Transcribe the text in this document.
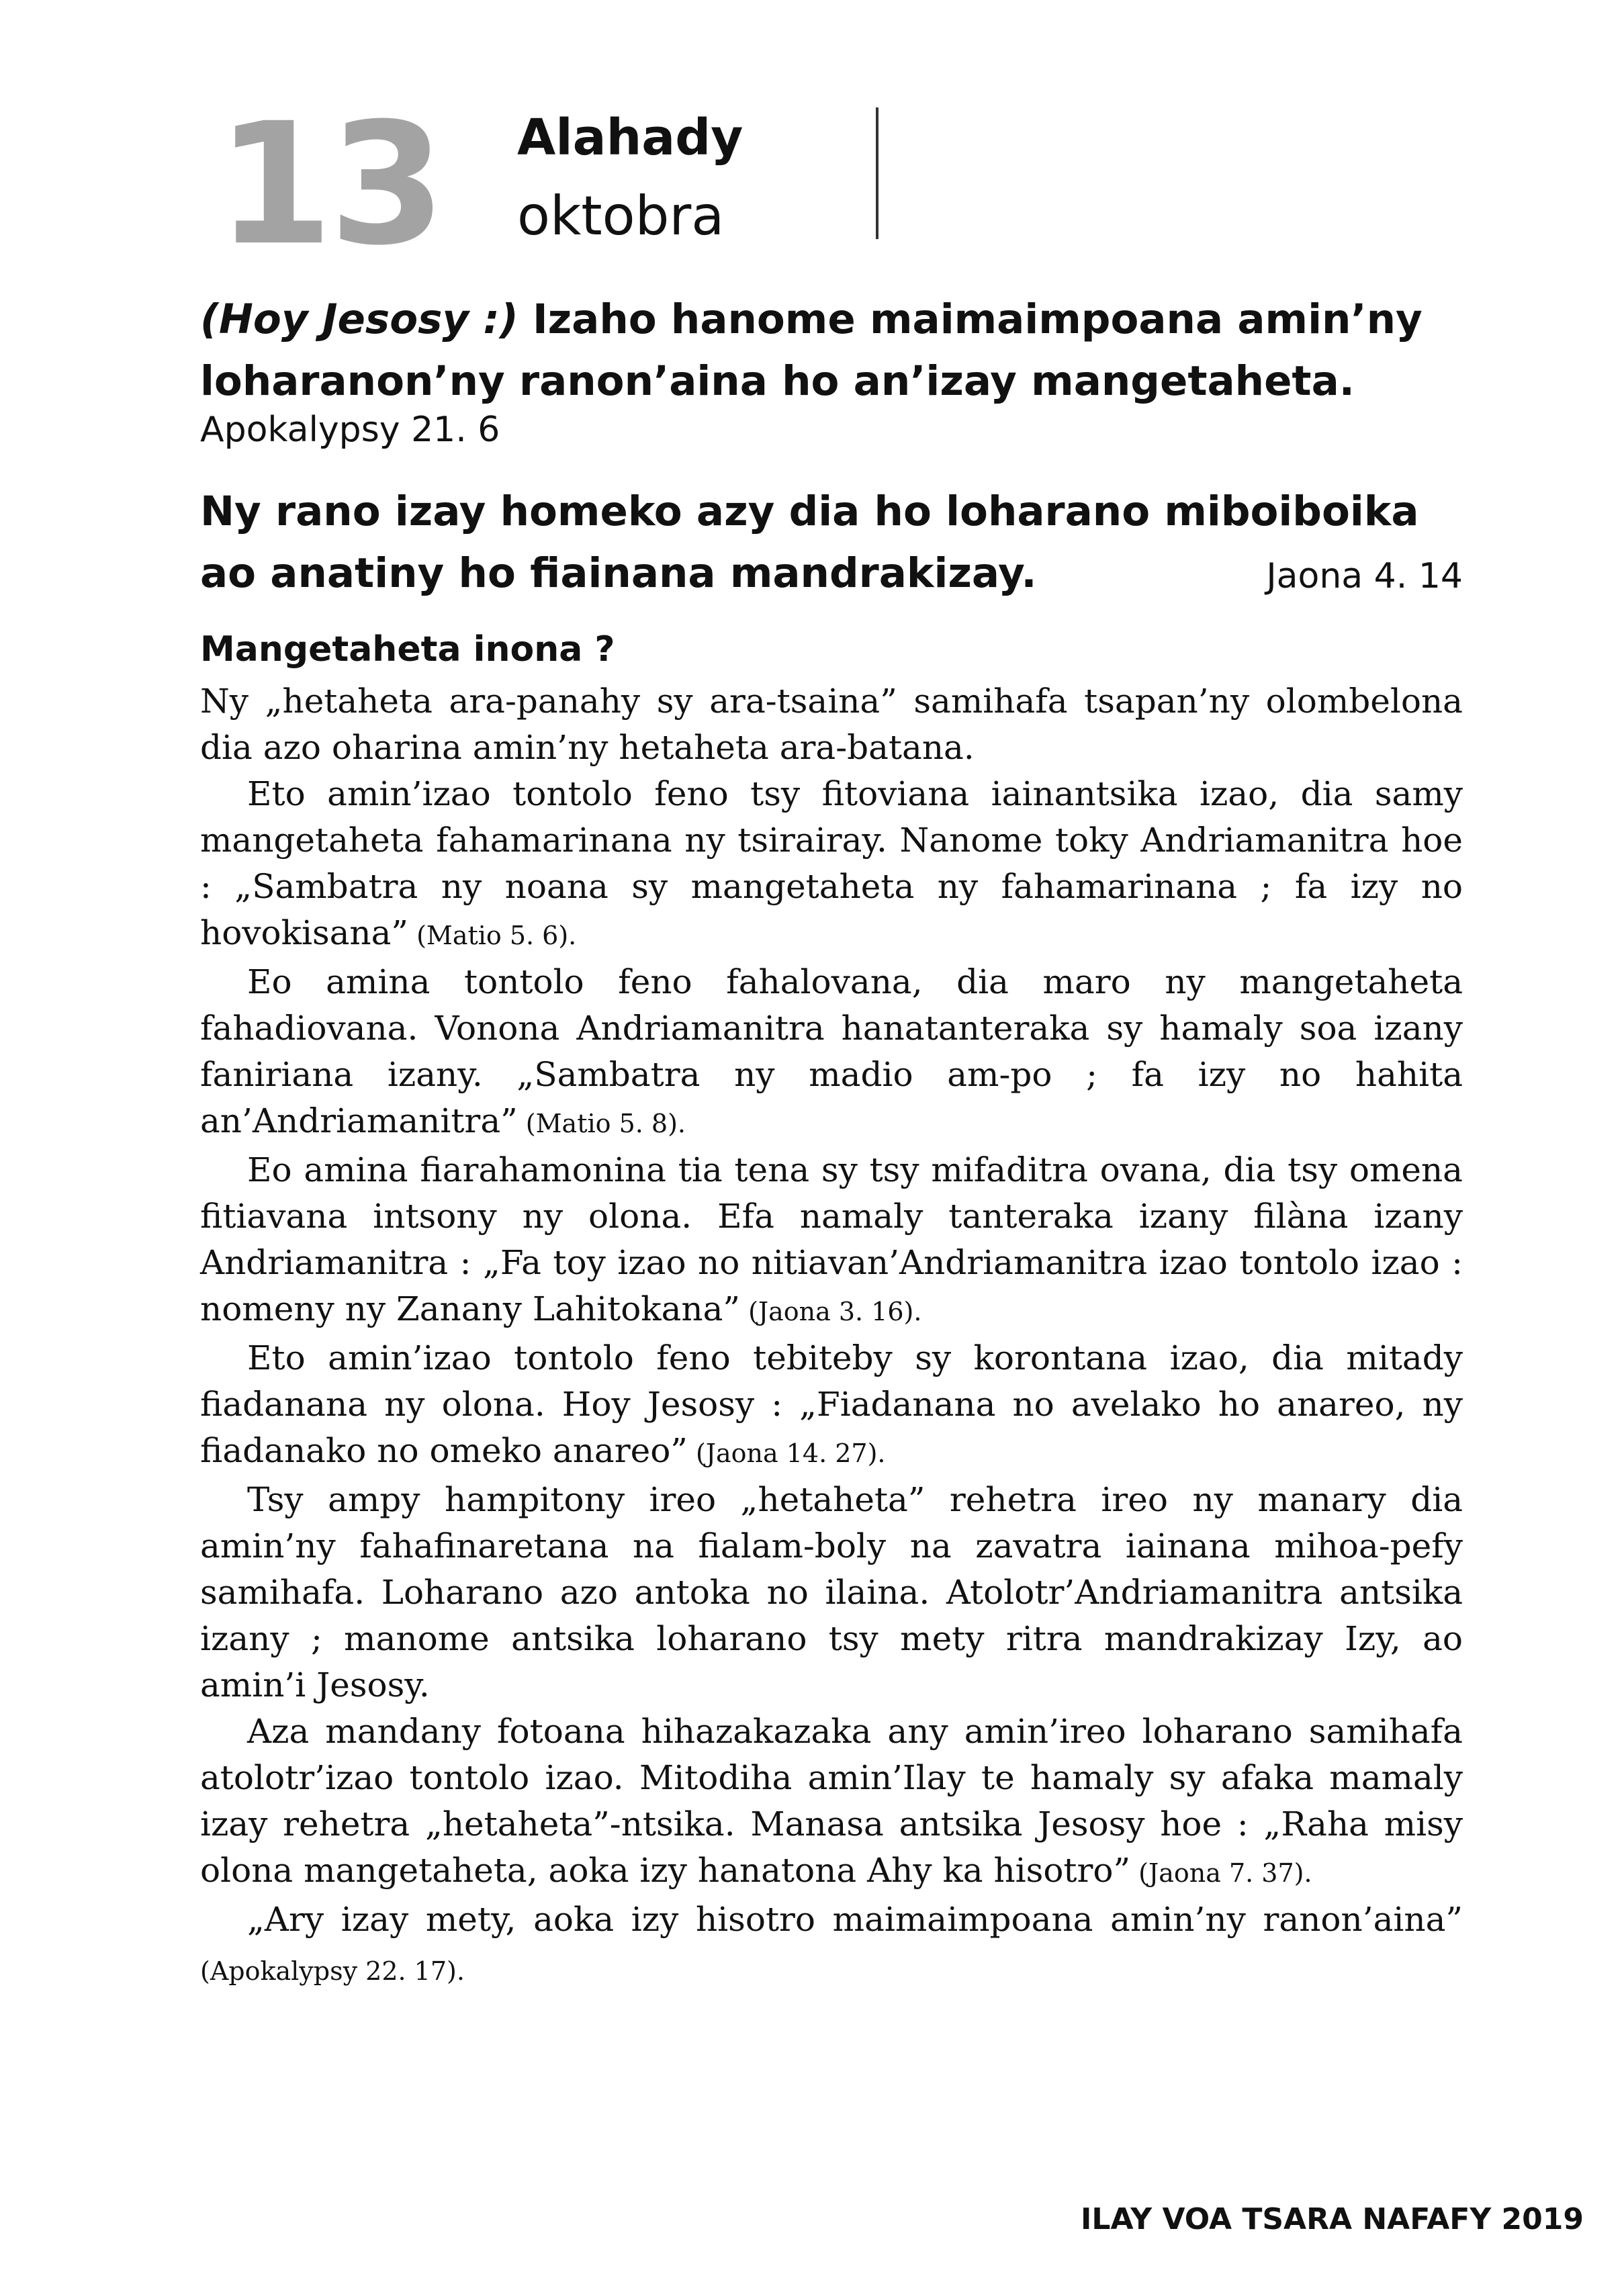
13 Alahady
oktobra
(Hoy Jesosy :) Izaho hanome maimaimpoana amin’ny loharanon’ny ranon’aina ho an’izay mangetaheta.
Apokalypsy 21. 6
Ny rano izay homeko azy dia ho loharano miboiboika ao anatiny ho fiainana mandrakizay.	Jaona 4. 14
Mangetaheta inona ?

Ny „hetaheta ara-panahy sy ara-tsaina” samihafa tsapan’ny olombelona dia azo oharina amin’ny hetaheta ara-batana.

Eto amin’izao tontolo feno tsy fitoviana iainantsika izao, dia samy mangetaheta fahamarinana ny tsirairay. Nanome toky Andriamanitra hoe : „Sambatra ny noana sy mangetaheta ny fahamarinana ; fa izy no hovokisana” (Matio 5. 6).

Eo amina tontolo feno fahalovana, dia maro ny mangetaheta fahadiovana. Vonona Andriamanitra hanatanteraka sy hamaly soa izany faniriana izany. „Sambatra ny madio am-po ; fa izy no hahita an’Andriamanitra” (Matio 5. 8).

Eo amina fiarahamonina tia tena sy tsy mifaditra ovana, dia tsy omena fitiavana intsony ny olona. Efa namaly tanteraka izany filàna izany Andriamanitra : „Fa toy izao no nitiavan’Andriamanitra izao tontolo izao : nomeny ny Zanany Lahitokana” (Jaona 3. 16).

Eto amin’izao tontolo feno tebiteby sy korontana izao, dia mitady fiadanana ny olona. Hoy Jesosy : „Fiadanana no avelako ho anareo, ny fiadanako no omeko anareo” (Jaona 14. 27).

Tsy ampy hampitony ireo „hetaheta” rehetra ireo ny manary dia amin’ny fahafinaretana na fialam-boly na zavatra iainana mihoa-pefy samihafa. Loharano azo antoka no ilaina. Atolotr’Andriamanitra antsika izany ; manome antsika loharano tsy mety ritra mandrakizay Izy, ao amin’i Jesosy.

Aza mandany fotoana hihazakazaka any amin’ireo loharano samihafa atolotr’izao tontolo izao. Mitodiha amin’Ilay te hamaly sy afaka mamaly izay rehetra „hetaheta”-ntsika. Manasa antsika Jesosy hoe : „Raha misy olona mangetaheta, aoka izy hanatona Ahy ka hisotro” (Jaona 7. 37).

„Ary izay mety, aoka izy hisotro maimaimpoana amin’ny ranon’aina” (Apokalypsy 22. 17).

ILAY VOA TSARA NAFAFY 2019
